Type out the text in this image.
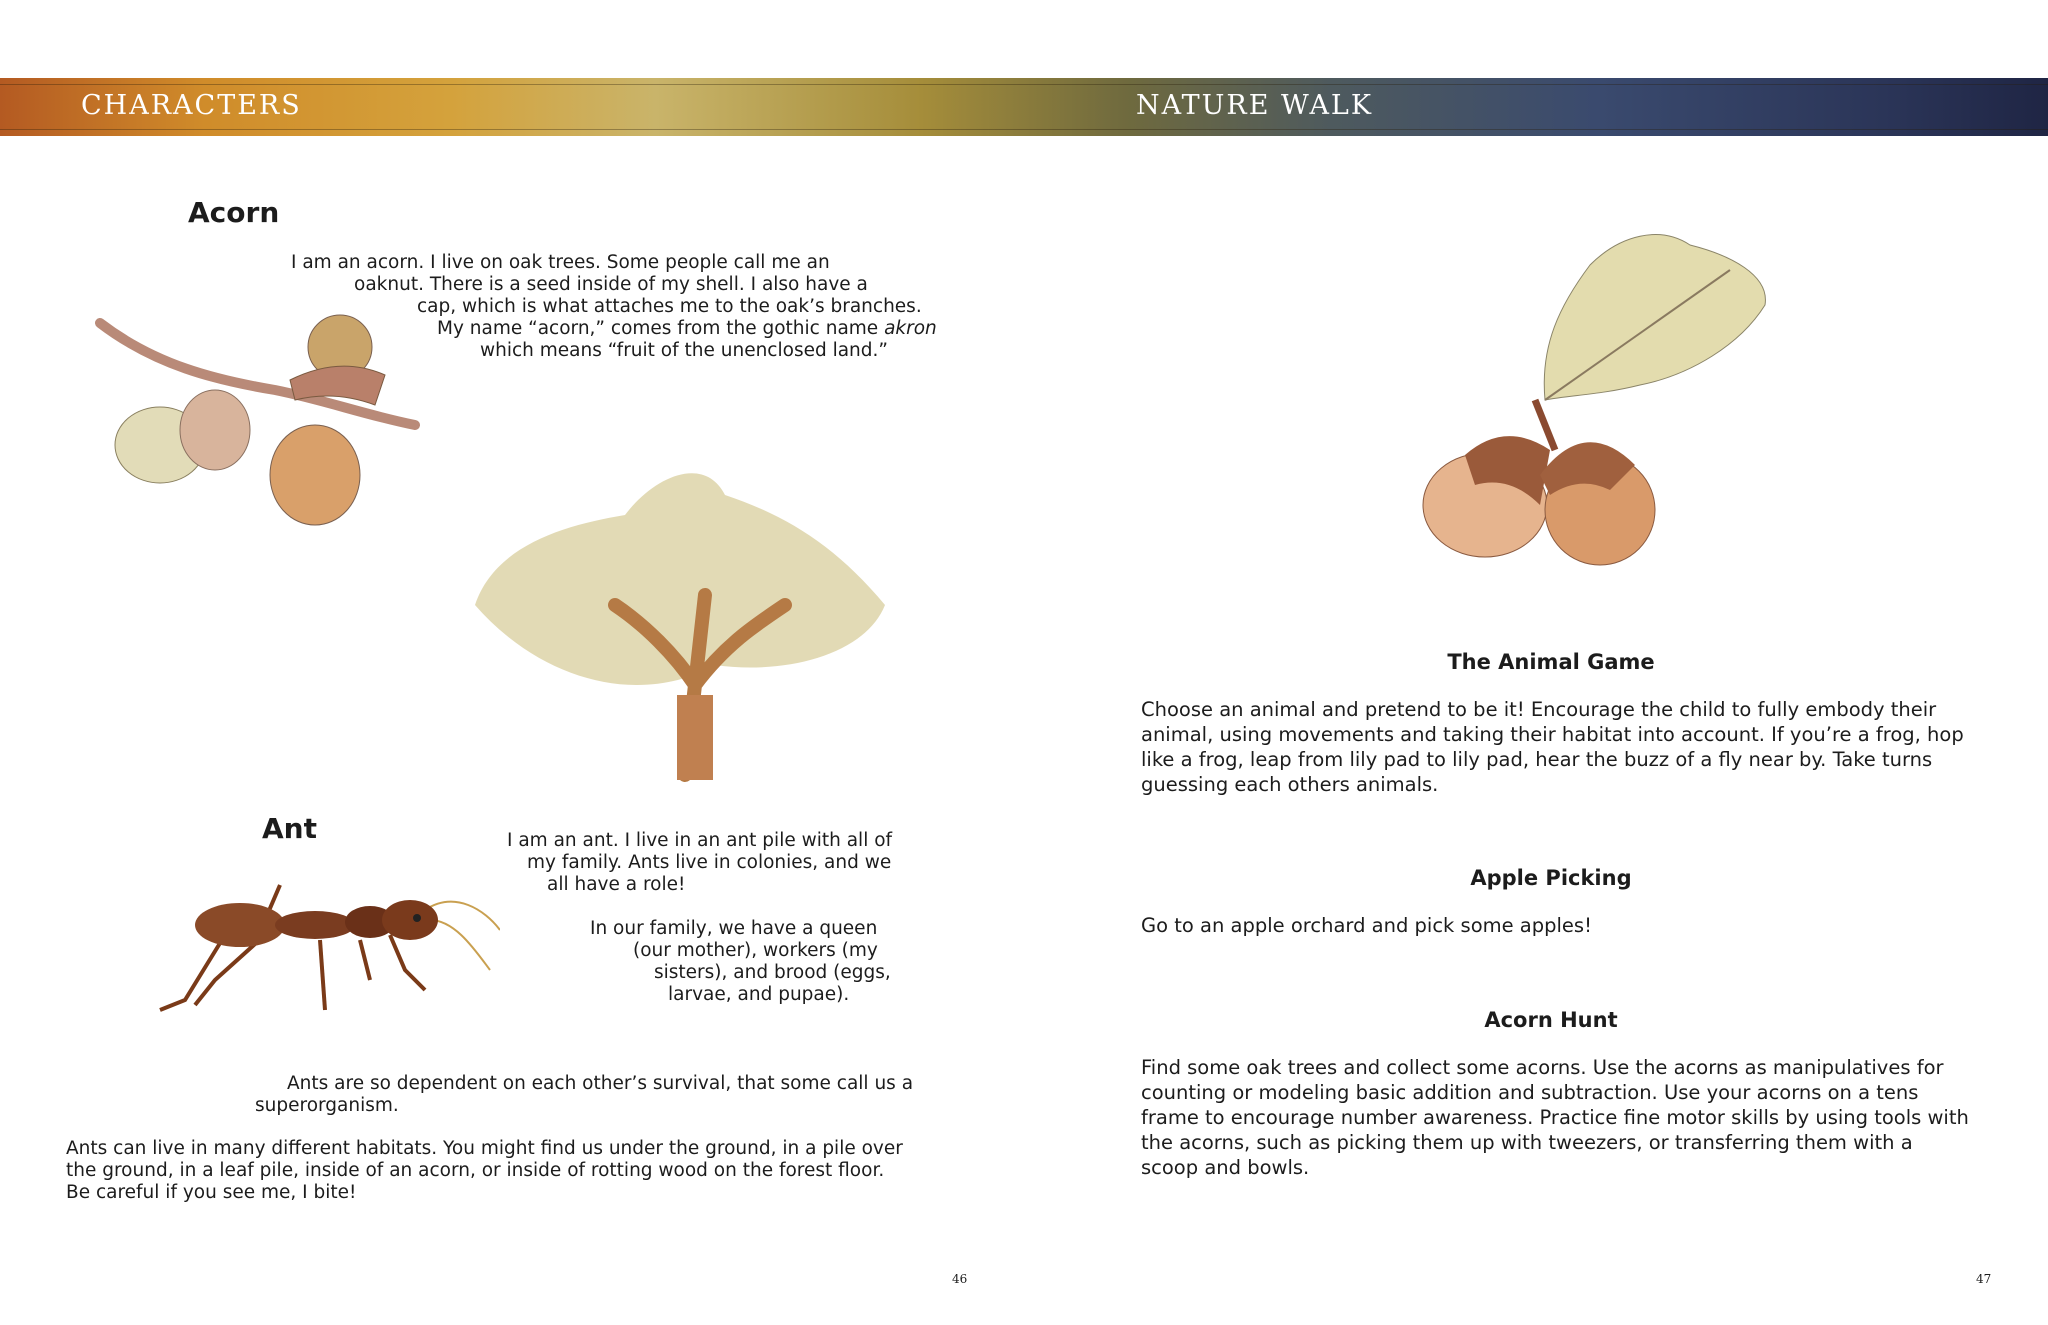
CHARACTERS	NATURE WALK
Acorn
I am an acorn. I live on oak trees. Some people call me an
oaknut. There is a seed inside of my shell. I also have a
cap, which is what attaches me to the oak’s branches.
My name “acorn,” comes from the gothic name akron
which means “fruit of the unenclosed land.”
Ant	I am an ant. I live in an ant pile with all of
my family. Ants live in colonies, and we
all have a role!
In our family, we have a queen
(our mother), workers (my
sisters), and brood (eggs,
larvae, and pupae).
Ants are so dependent on each other’s survival, that some call us a
superorganism.
Ants can live in many different habitats. You might find us under the ground, in a pile over
the ground, in a leaf pile, inside of an acorn, or inside of rotting wood on the forest floor.
Be careful if you see me, I bite!
46
The Animal Game
Choose an animal and pretend to be it! Encourage the child to fully embody their animal, using movements and taking their habitat into account. If you’re a frog, hop like a frog, leap from lily pad to lily pad, hear the buzz of a fly near by. Take turns guessing each others animals.
Apple Picking
Go to an apple orchard and pick some apples!
Acorn Hunt
Find some oak trees and collect some acorns. Use the acorns as manipulatives for counting or modeling basic addition and subtraction. Use your acorns on a tens frame to encourage number awareness. Practice fine motor skills by using tools with the acorns, such as picking them up with tweezers, or transferring them with a scoop and bowls.
47
